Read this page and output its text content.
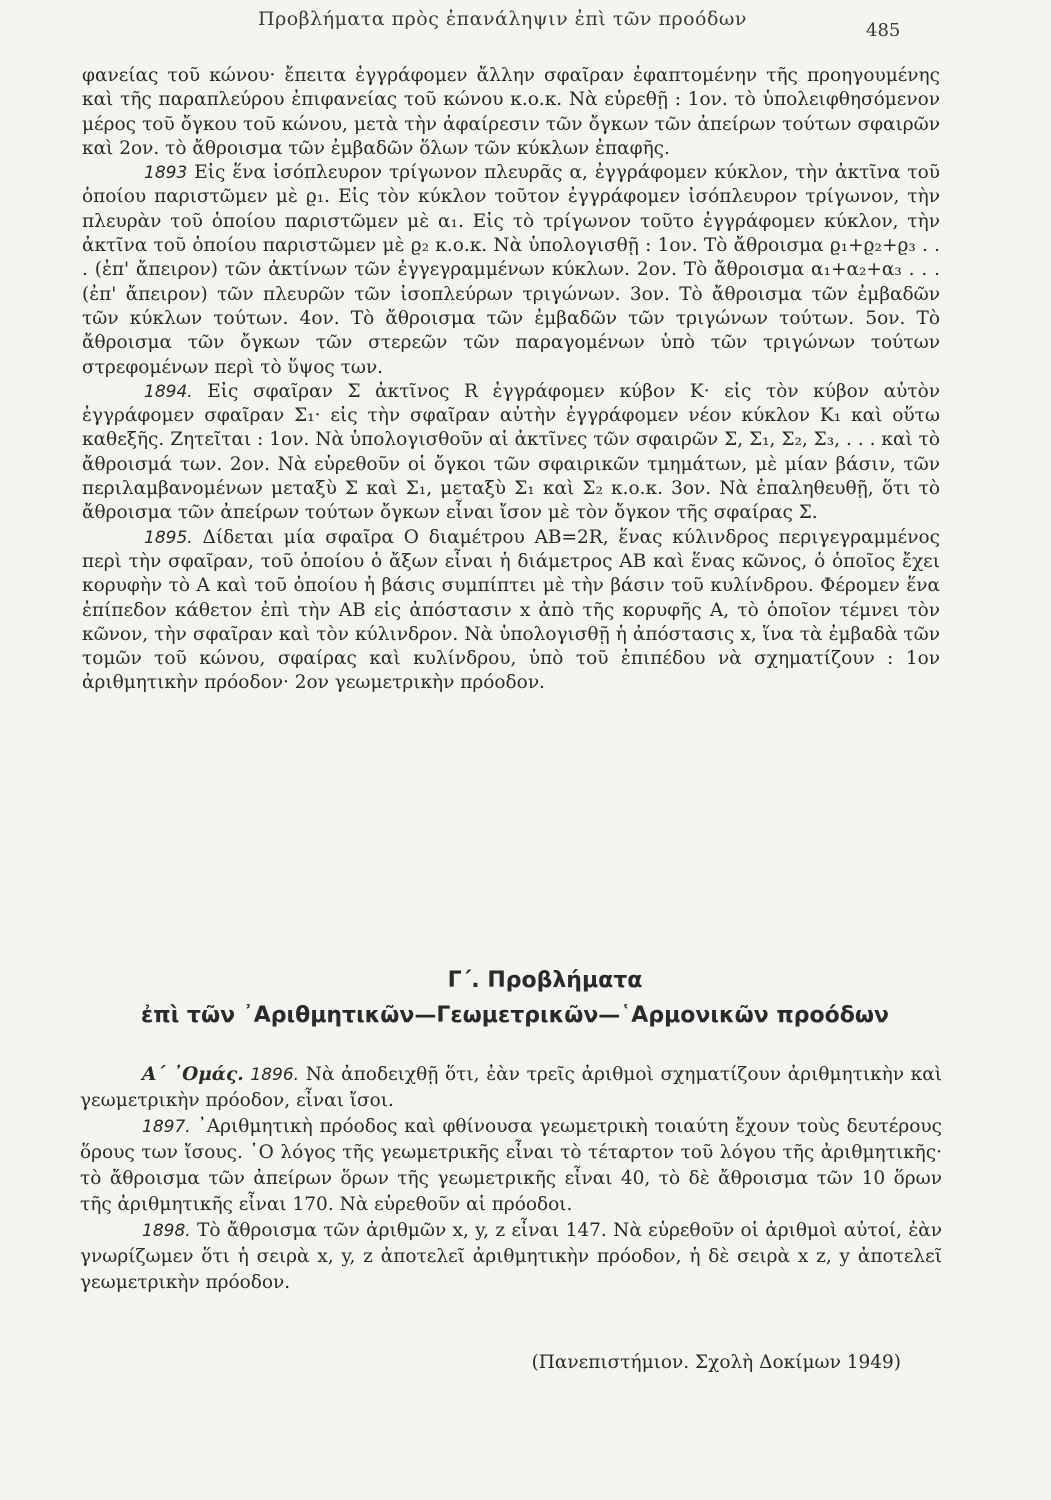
Προβλήματα πρὸς ἐπανάληψιν ἐπὶ τῶν προόδων
485

φανείας τοῦ κώνου· ἔπειτα ἐγγράφομεν ἄλλην σφαῖραν ἐφαπτομένην τῆς προηγουμένης καὶ τῆς παραπλεύρου ἐπιφανείας τοῦ κώνου κ.ο.κ. Νὰ εὑρεθῇ : 1ον. τὸ ὑπολειφθησόμενον μέρος τοῦ ὄγκου τοῦ κώνου, μετὰ τὴν ἀφαίρεσιν τῶν ὄγκων τῶν ἀπείρων τούτων σφαιρῶν καὶ 2ον. τὸ ἄθροισμα τῶν ἐμβαδῶν ὅλων τῶν κύκλων ἐπαφῆς.

1893 Εἰς ἕνα ἰσόπλευρον τρίγωνον πλευρᾶς α, ἐγγράφομεν κύκλον, τὴν ἀκτῖνα τοῦ ὁποίου παριστῶμεν μὲ ϱ₁. Εἰς τὸν κύκλον τοῦτον ἐγγράφομεν ἰσόπλευρον τρίγωνον, τὴν πλευρὰν τοῦ ὁποίου παριστῶμεν μὲ α₁. Εἰς τὸ τρίγωνον τοῦτο ἐγγράφομεν κύκλον, τὴν ἀκτῖνα τοῦ ὁποίου παριστῶμεν μὲ ϱ₂ κ.ο.κ. Νὰ ὑπολογισθῇ : 1ον. Τὸ ἄθροισμα ϱ₁+ϱ₂+ϱ₃ . . . (ἐπ' ἄπειρον) τῶν ἀκτίνων τῶν ἐγγεγραμμένων κύκλων. 2ον. Τὸ ἄθροισμα α₁+α₂+α₃ . . . (ἐπ' ἄπειρον) τῶν πλευρῶν τῶν ἰσοπλεύρων τριγώνων. 3ον. Τὸ ἄθροισμα τῶν ἐμβαδῶν τῶν κύκλων τούτων. 4ον. Τὸ ἄθροισμα τῶν ἐμβαδῶν τῶν τριγώνων τούτων. 5ον. Τὸ ἄθροισμα τῶν ὄγκων τῶν στερεῶν τῶν παραγομένων ὑπὸ τῶν τριγώνων τούτων στρεφομένων περὶ τὸ ὕψος των.

1894. Εἰς σφαῖραν Σ ἀκτῖνος R ἐγγράφομεν κύβον Κ· εἰς τὸν κύβον αὐτὸν ἐγγράφομεν σφαῖραν Σ₁· εἰς τὴν σφαῖραν αὐτὴν ἐγγράφομεν νέον κύκλον Κ₁ καὶ οὕτω καθεξῆς. Ζητεῖται : 1ον. Νὰ ὑπολογισθοῦν αἱ ἀκτῖνες τῶν σφαιρῶν Σ, Σ₁, Σ₂, Σ₃, . . . καὶ τὸ ἄθροισμά των. 2ον. Νὰ εὑρεθοῦν οἱ ὄγκοι τῶν σφαιρικῶν τμημάτων, μὲ μίαν βάσιν, τῶν περιλαμβανομένων μεταξὺ Σ καὶ Σ₁, μεταξὺ Σ₁ καὶ Σ₂ κ.ο.κ. 3ον. Νὰ ἐπαληθευθῇ, ὅτι τὸ ἄθροισμα τῶν ἀπείρων τούτων ὄγκων εἶναι ἴσον μὲ τὸν ὄγκον τῆς σφαίρας Σ.

1895. Δίδεται μία σφαῖρα Ο διαμέτρου ΑΒ=2R, ἕνας κύλινδρος περιγεγραμμένος περὶ τὴν σφαῖραν, τοῦ ὁποίου ὁ ἄξων εἶναι ἡ διάμετρος ΑΒ καὶ ἕνας κῶνος, ὁ ὁποῖος ἔχει κορυφὴν τὸ Α καὶ τοῦ ὁποίου ἡ βάσις συμπίπτει μὲ τὴν βάσιν τοῦ κυλίνδρου. Φέρομεν ἕνα ἐπίπεδον κάθετον ἐπὶ τὴν ΑΒ εἰς ἀπόστασιν x ἀπὸ τῆς κορυφῆς Α, τὸ ὁποῖον τέμνει τὸν κῶνον, τὴν σφαῖραν καὶ τὸν κύλινδρον. Νὰ ὑπολογισθῇ ἡ ἀπόστασις x, ἵνα τὰ ἐμβαδὰ τῶν τομῶν τοῦ κώνου, σφαίρας καὶ κυλίνδρου, ὑπὸ τοῦ ἐπιπέδου νὰ σχηματίζουν : 1ον ἀριθμητικὴν πρόοδον· 2ον γεωμετρικὴν πρόοδον.

Γ΄. Προβλήματα
ἐπὶ τῶν ᾿Αριθμητικῶν—Γεωμετρικῶν—῾Αρμονικῶν προόδων

Α΄ ᾿Ομάς. 1896. Νὰ ἀποδειχθῇ ὅτι, ἐὰν τρεῖς ἀριθμοὶ σχηματίζουν ἀριθμητικὴν καὶ γεωμετρικὴν πρόοδον, εἶναι ἴσοι.

1897. ᾿Αριθμητικὴ πρόοδος καὶ φθίνουσα γεωμετρικὴ τοιαύτη ἔχουν τοὺς δευτέρους ὅρους των ἴσους. ῾Ο λόγος τῆς γεωμετρικῆς εἶναι τὸ τέταρτον τοῦ λόγου τῆς ἀριθμητικῆς· τὸ ἄθροισμα τῶν ἀπείρων ὅρων τῆς γεωμετρικῆς εἶναι 40, τὸ δὲ ἄθροισμα τῶν 10 ὅρων τῆς ἀριθμητικῆς εἶναι 170. Νὰ εὑρεθοῦν αἱ πρόοδοι.

1898. Τὸ ἄθροισμα τῶν ἀριθμῶν x, y, z εἶναι 147. Νὰ εὑρεθοῦν οἱ ἀριθμοὶ αὐτοί, ἐὰν γνωρίζωμεν ὅτι ἡ σειρὰ x, y, z ἀποτελεῖ ἀριθμητικὴν πρόοδον, ἡ δὲ σειρὰ x z, y ἀποτελεῖ γεωμετρικὴν πρόοδον.

(Πανεπιστήμιον. Σχολὴ Δοκίμων 1949)
